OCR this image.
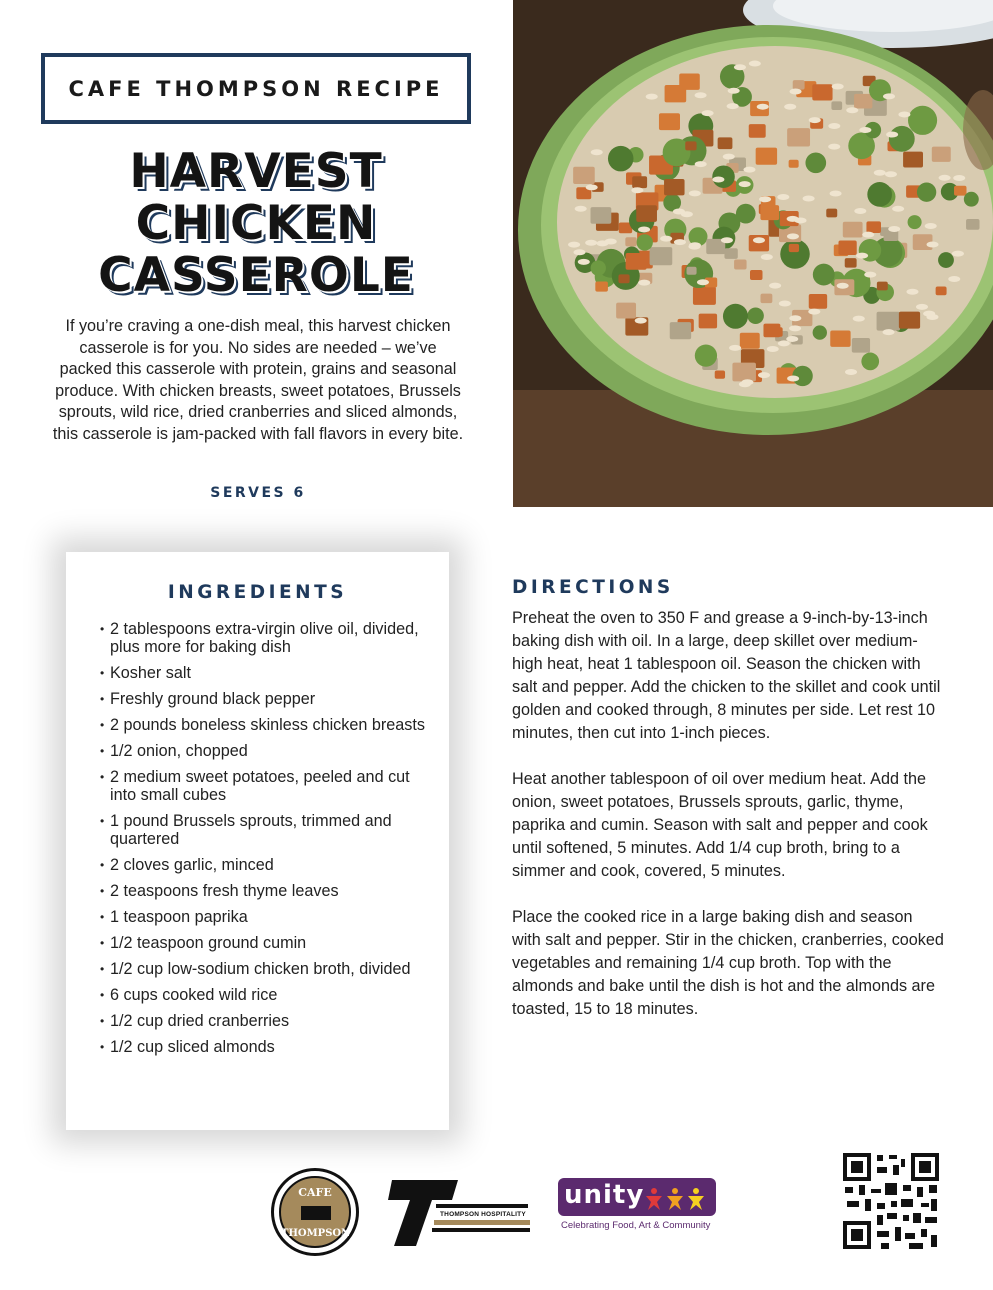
CAFE THOMPSON RECIPE
HARVEST
CHICKEN
CASSEROLE
If you’re craving a one-dish meal, this harvest chicken casserole is for you. No sides are needed – we’ve packed this casserole with protein, grains and seasonal produce. With chicken breasts, sweet potatoes, Brussels sprouts, wild rice, dried cranberries and sliced almonds, this casserole is jam-packed with fall flavors in every bite.
SERVES 6
INGREDIENTS
• 2 tablespoons extra-virgin olive oil, divided, plus more for baking dish
• Kosher salt
• Freshly ground black pepper
• 2 pounds boneless skinless chicken breasts
• 1/2 onion, chopped
• 2 medium sweet potatoes, peeled and cut into small cubes
• 1 pound Brussels sprouts, trimmed and quartered
• 2 cloves garlic, minced
• 2 teaspoons fresh thyme leaves
• 1 teaspoon paprika
• 1/2 teaspoon ground cumin
• 1/2 cup low-sodium chicken broth, divided
• 6 cups cooked wild rice
• 1/2 cup dried cranberries
• 1/2 cup sliced almonds
DIRECTIONS

Preheat the oven to 350 F and grease a 9-inch-by-13-inch baking dish with oil. In a large, deep skillet over medium-high heat, heat 1 tablespoon oil. Season the chicken with salt and pepper. Add the chicken to the skillet and cook until golden and cooked through, 8 minutes per side. Let rest 10 minutes, then cut into 1-inch pieces.

Heat another tablespoon of oil over medium heat. Add the onion, sweet potatoes, Brussels sprouts, garlic, thyme, paprika and cumin. Season with salt and pepper and cook until softened, 5 minutes. Add 1/4 cup broth, bring to a simmer and cook, covered, 5 minutes.

Place the cooked rice in a large baking dish and season with salt and pepper. Stir in the chicken, cranberries, cooked vegetables and remaining 1/4 cup broth. Top with the almonds and bake until the dish is hot and the almonds are toasted, 15 to 18 minutes.

CAFE
THOMPSON
THOMPSON HOSPITALITY
unity
Celebrating Food, Art & Community
